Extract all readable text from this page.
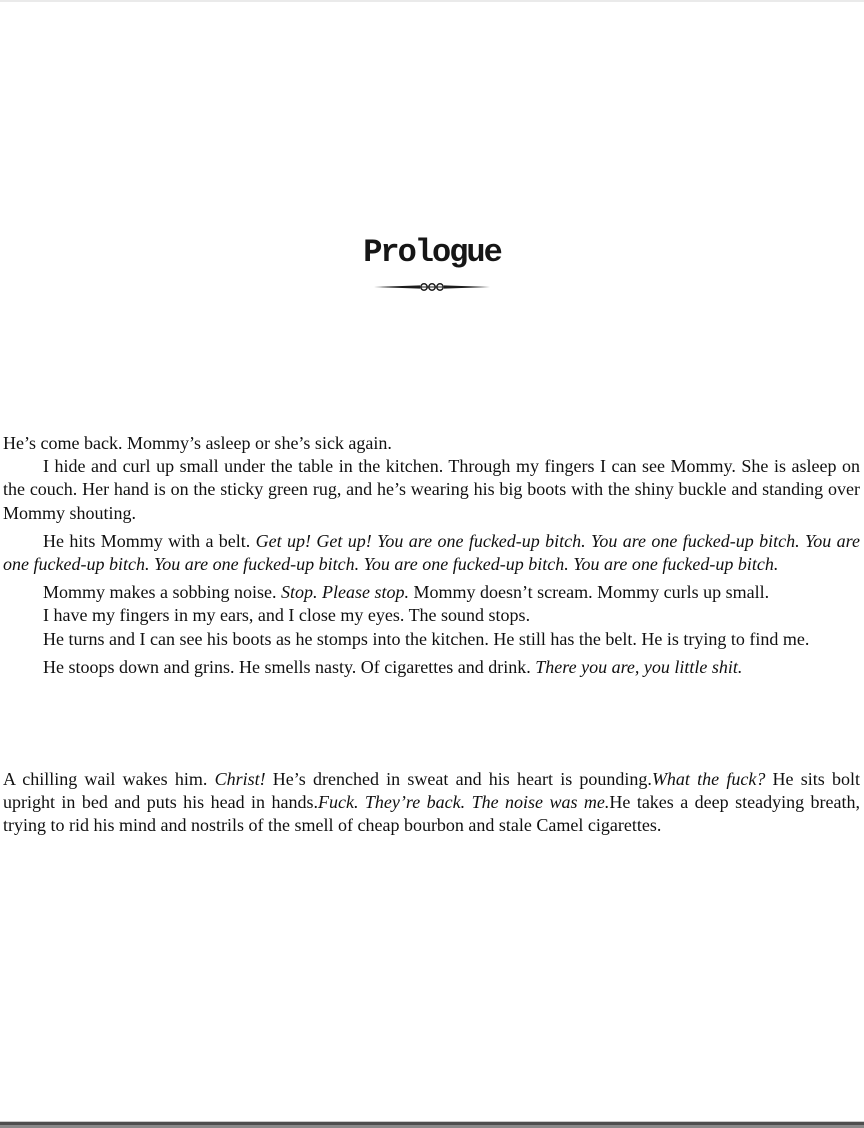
Prologue

He’s come back. Mommy’s asleep or she’s sick again.

I hide and curl up small under the table in the kitchen. Through my fingers I can see Mommy. She is asleep on the couch. Her hand is on the sticky green rug, and he’s wearing his big boots with the shiny buckle and standing over Mommy shouting.

He hits Mommy with a belt. Get up! Get up! You are one fucked-up bitch. You are one fucked-up bitch. You are one fucked-up bitch. You are one fucked-up bitch. You are one fucked-up bitch. You are one fucked-up bitch.

Mommy makes a sobbing noise. Stop. Please stop. Mommy doesn’t scream. Mommy curls up small.

I have my fingers in my ears, and I close my eyes. The sound stops.

He turns and I can see his boots as he stomps into the kitchen. He still has the belt. He is trying to find me.

He stoops down and grins. He smells nasty. Of cigarettes and drink. There you are, you little shit.

A chilling wail wakes him. Christ! He’s drenched in sweat and his heart is pounding.What the fuck? He sits bolt upright in bed and puts his head in hands.Fuck. They’re back. The noise was me.He takes a deep steadying breath, trying to rid his mind and nostrils of the smell of cheap bourbon and stale Camel cigarettes.
